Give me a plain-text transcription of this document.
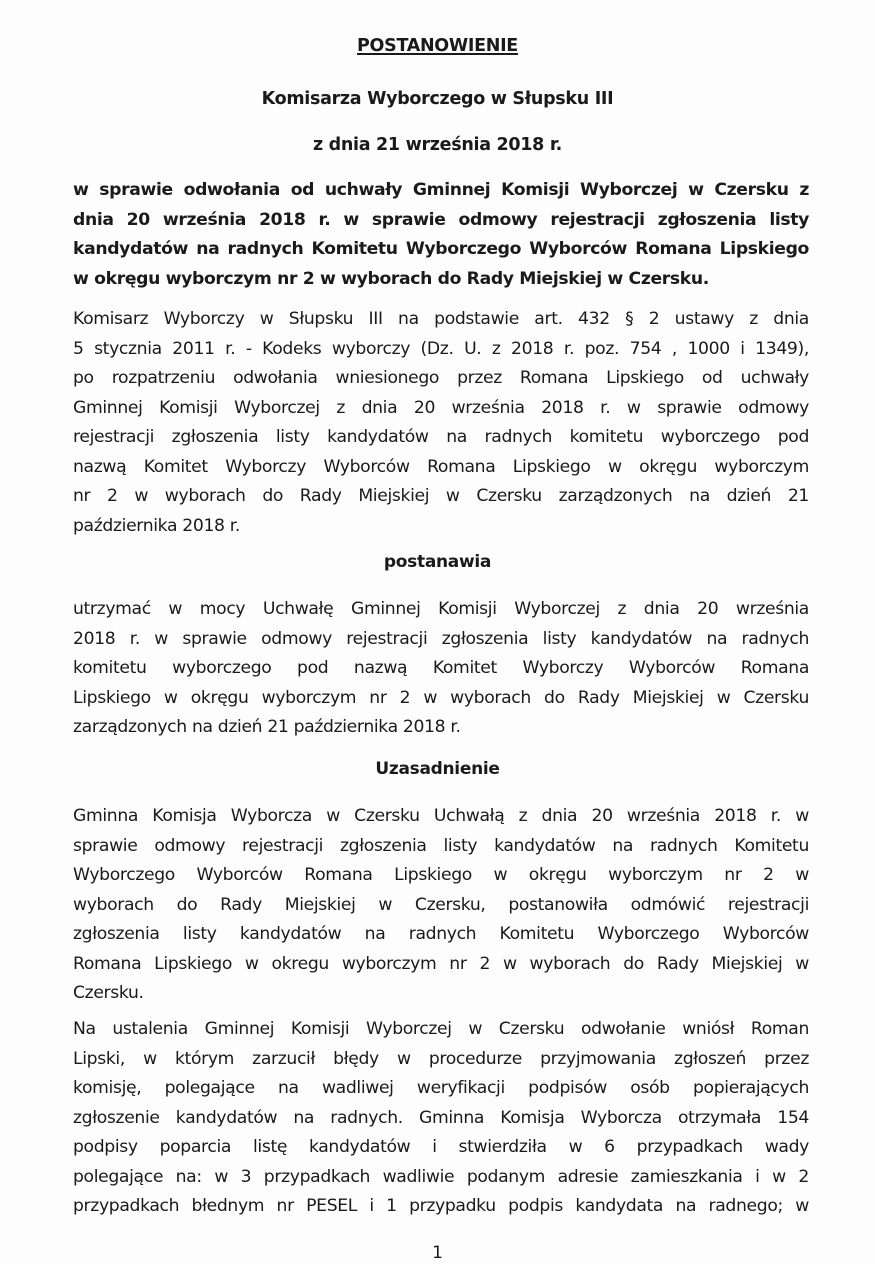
POSTANOWIENIE
Komisarza Wyborczego w Słupsku III
z dnia 21 września 2018 r.
w sprawie odwołania od uchwały Gminnej Komisji Wyborczej w Czersku z
dnia 20 września 2018 r. w sprawie odmowy rejestracji zgłoszenia listy
kandydatów na radnych Komitetu Wyborczego Wyborców Romana Lipskiego
w okręgu wyborczym nr 2 w wyborach do Rady Miejskiej w Czersku.
Komisarz Wyborczy w Słupsku III na podstawie art. 432 § 2 ustawy z dnia
5 stycznia 2011 r. - Kodeks wyborczy (Dz. U. z 2018 r. poz. 754 , 1000 i 1349),
po rozpatrzeniu odwołania wniesionego przez Romana Lipskiego od uchwały
Gminnej Komisji Wyborczej z dnia 20 września 2018 r. w sprawie odmowy
rejestracji zgłoszenia listy kandydatów na radnych komitetu wyborczego pod
nazwą Komitet Wyborczy Wyborców Romana Lipskiego w okręgu wyborczym
nr 2 w wyborach do Rady Miejskiej w Czersku zarządzonych na dzień 21
października 2018 r.
postanawia
utrzymać w mocy Uchwałę Gminnej Komisji Wyborczej z dnia 20 września
2018 r. w sprawie odmowy rejestracji zgłoszenia listy kandydatów na radnych
komitetu wyborczego pod nazwą Komitet Wyborczy Wyborców Romana
Lipskiego w okręgu wyborczym nr 2 w wyborach do Rady Miejskiej w Czersku
zarządzonych na dzień 21 października 2018 r.
Uzasadnienie
Gminna Komisja Wyborcza w Czersku Uchwałą z dnia 20 września 2018 r. w
sprawie odmowy rejestracji zgłoszenia listy kandydatów na radnych Komitetu
Wyborczego Wyborców Romana Lipskiego w okręgu wyborczym nr 2 w
wyborach do Rady Miejskiej w Czersku, postanowiła odmówić rejestracji
zgłoszenia listy kandydatów na radnych Komitetu Wyborczego Wyborców
Romana Lipskiego w okregu wyborczym nr 2 w wyborach do Rady Miejskiej w
Czersku.
Na ustalenia Gminnej Komisji Wyborczej w Czersku odwołanie wniósł Roman
Lipski, w którym zarzucił błędy w procedurze przyjmowania zgłoszeń przez
komisję, polegające na wadliwej weryfikacji podpisów osób popierających
zgłoszenie kandydatów na radnych. Gminna Komisja Wyborcza otrzymała 154
podpisy poparcia listę kandydatów i stwierdziła w 6 przypadkach wady
polegające na: w 3 przypadkach wadliwie podanym adresie zamieszkania i w 2
przypadkach błednym nr PESEL i 1 przypadku podpis kandydata na radnego; w
1
